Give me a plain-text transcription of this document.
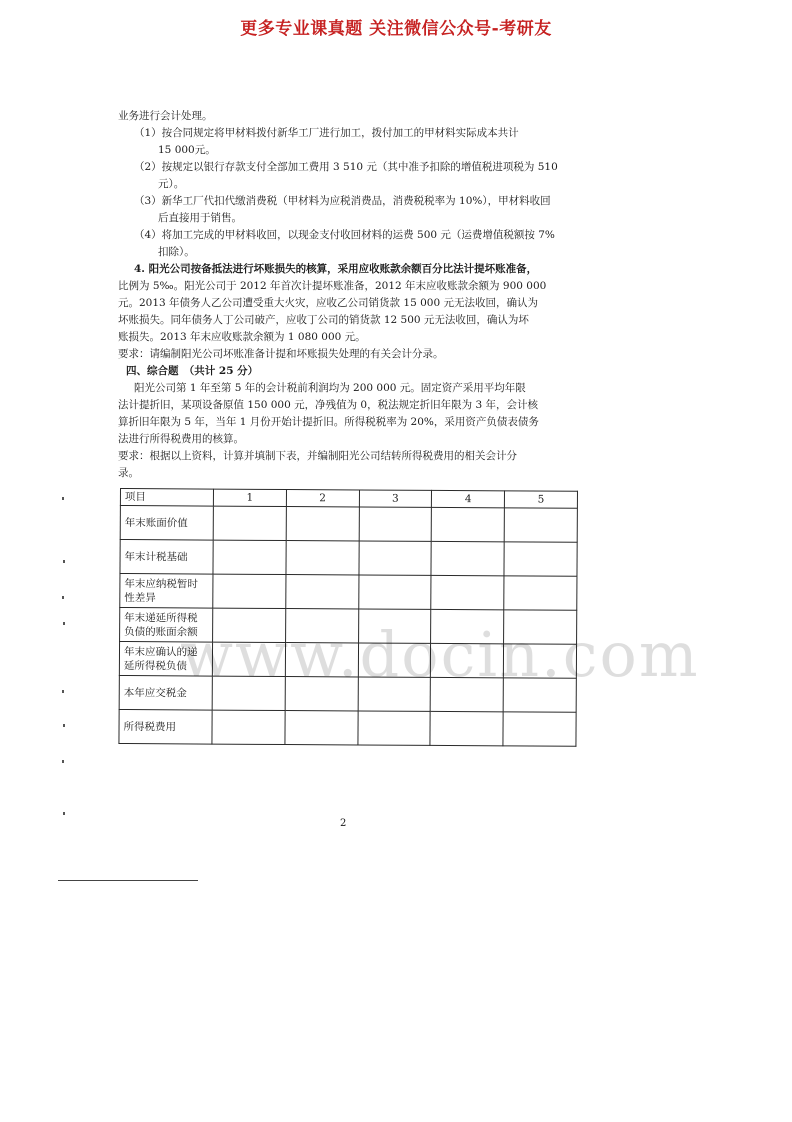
更多专业课真题 关注微信公众号-考研友
业务进行会计处理。
（1）按合同规定将甲材料拨付新华工厂进行加工，拨付加工的甲材料实际成本共计
15 000元。
（2）按规定以银行存款支付全部加工费用 3 510 元（其中准予扣除的增值税进项税为 510
元）。
（3）新华工厂代扣代缴消费税（甲材料为应税消费品，消费税税率为 10%），甲材料收回
后直接用于销售。
（4）将加工完成的甲材料收回，以现金支付收回材料的运费 500 元（运费增值税额按 7%
扣除）。
4. 阳光公司按备抵法进行坏账损失的核算，采用应收账款余额百分比法计提坏账准备，
比例为 5‰。阳光公司于 2012 年首次计提坏账准备，2012 年末应收账款余额为 900 000
元。2013 年债务人乙公司遭受重大火灾，应收乙公司销货款 15 000 元无法收回，确认为
坏账损失。同年债务人丁公司破产，应收丁公司的销货款 12 500 元无法收回，确认为坏
账损失。2013 年末应收账款余额为 1 080 000 元。
要求：请编制阳光公司坏账准备计提和坏账损失处理的有关会计分录。
四、综合题　（共计 25 分）
阳光公司第 1 年至第 5 年的会计税前利润均为 200 000 元。固定资产采用平均年限
法计提折旧，某项设备原值 150 000 元，净残值为 0，税法规定折旧年限为 3 年，会计核
算折旧年限为 5 年，当年 1 月份开始计提折旧。所得税税率为 20%，采用资产负债表债务
法进行所得税费用的核算。
要求：根据以上资料，计算并填制下表，并编制阳光公司结转所得税费用的相关会计分
录。
项目	1	2	3	4	5

年末账面价值					

年末计税基础					

年末应纳税暂时
性差异					

年末递延所得税
负债的账面余额					

年末应确认的递
延所得税负债					

本年应交税金					

所得税费用					

www.docin.com
2
